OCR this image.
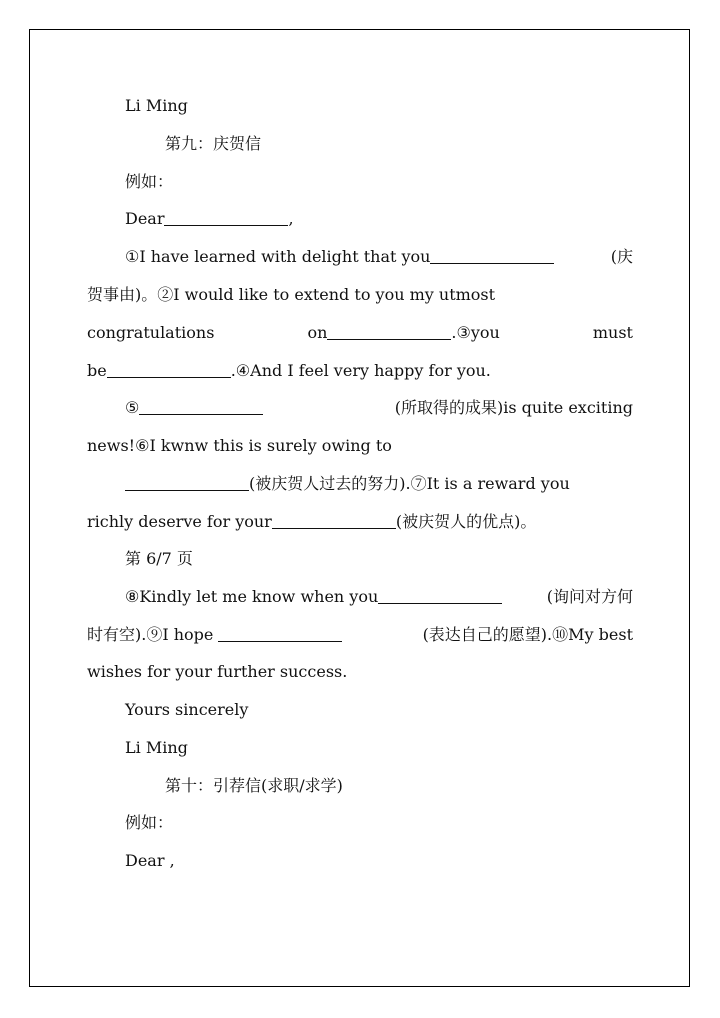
Li Ming
第九：庆贺信
例如：
Dear	,
①I have learned with delight that you	(庆
贺事由)。②I would like to extend to you my utmost
congratulations	on	.③you	must
be	.④And I feel very happy for you.
⑤	(所取得的成果)is quite exciting
news!⑥I kwnw this is surely owing to
(被庆贺人过去的努力).⑦It is a reward you
richly deserve for your	(被庆贺人的优点)。
第 6/7 页
⑧Kindly let me know when you	(询问对方何
时有空).⑨I hope	(表达自己的愿望).⑩My best
wishes for your further success.
Yours sincerely
Li Ming
第十：引荐信(求职/求学)
例如：
Dear ,
